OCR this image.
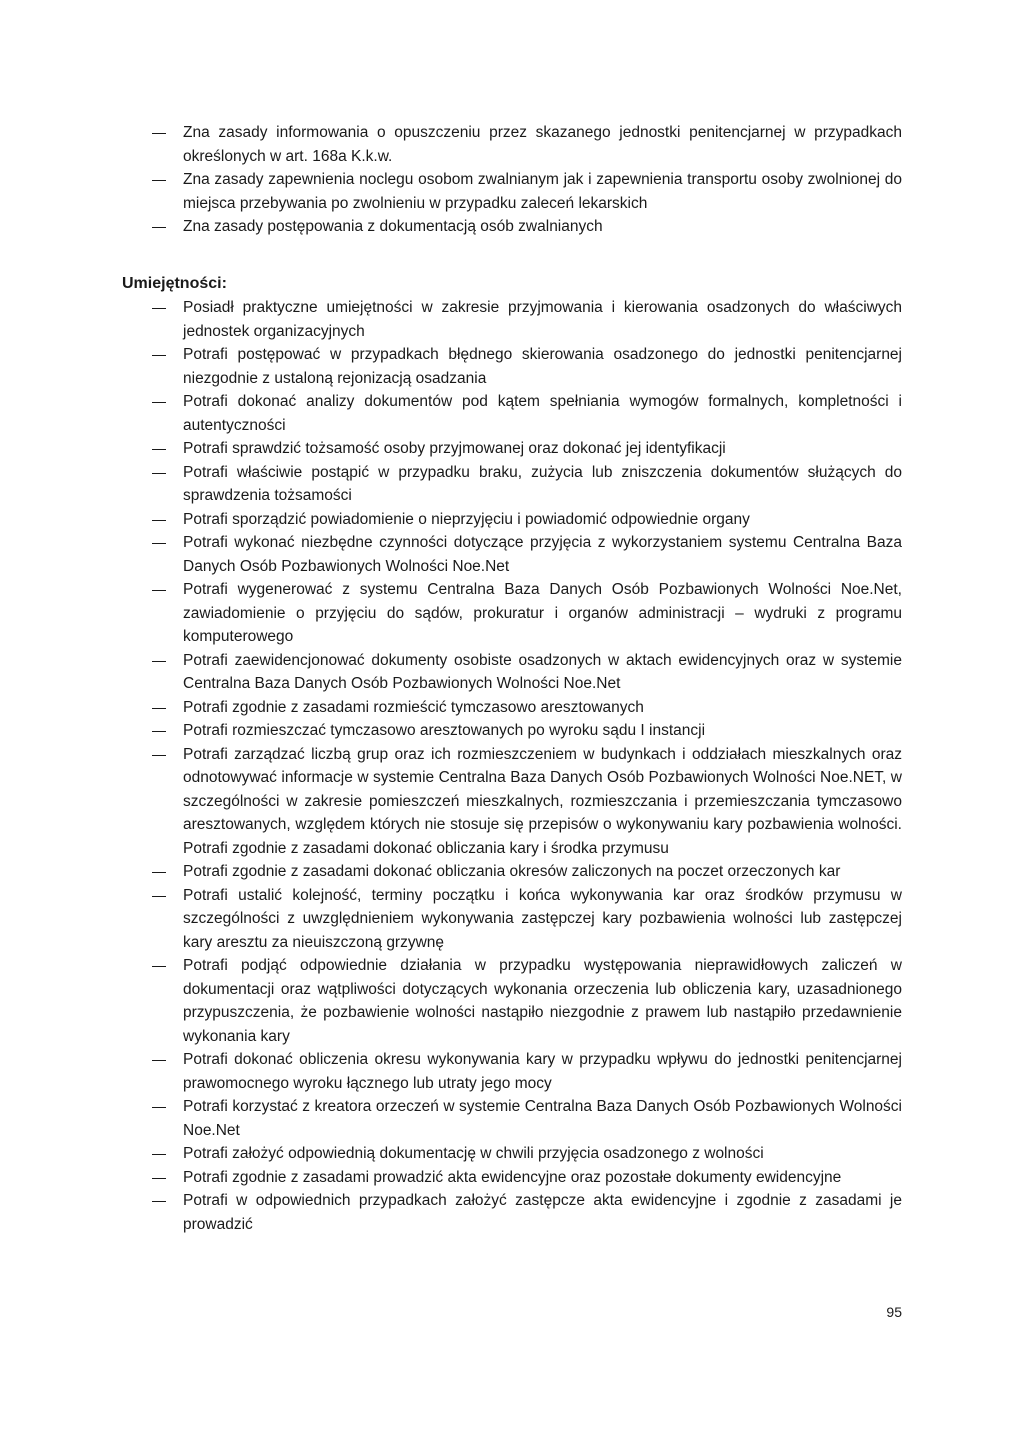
Zna zasady informowania o opuszczeniu przez skazanego jednostki penitencjarnej w przypadkach określonych w art. 168a K.k.w.
Zna zasady zapewnienia noclegu osobom zwalnianym jak i zapewnienia transportu osoby zwolnionej do miejsca przebywania po zwolnieniu w przypadku zaleceń lekarskich
Zna zasady postępowania z dokumentacją osób zwalnianych
Umiejętności:
Posiadł praktyczne umiejętności w zakresie przyjmowania i kierowania osadzonych do właściwych jednostek organizacyjnych
Potrafi postępować w przypadkach błędnego skierowania osadzonego do jednostki penitencjarnej niezgodnie z ustaloną rejonizacją osadzania
Potrafi dokonać analizy dokumentów pod kątem spełniania wymogów formalnych, kompletności i autentyczności
Potrafi sprawdzić tożsamość osoby przyjmowanej oraz dokonać jej identyfikacji
Potrafi właściwie postąpić w przypadku braku, zużycia lub zniszczenia dokumentów służących do sprawdzenia tożsamości
Potrafi sporządzić powiadomienie o nieprzyjęciu i powiadomić odpowiednie organy
Potrafi wykonać niezbędne czynności dotyczące przyjęcia z wykorzystaniem systemu Centralna Baza Danych Osób Pozbawionych Wolności Noe.Net
Potrafi wygenerować z systemu Centralna Baza Danych Osób Pozbawionych Wolności Noe.Net, zawiadomienie o przyjęciu do sądów, prokuratur i organów administracji – wydruki z programu komputerowego
Potrafi zaewidencjonować dokumenty osobiste osadzonych w aktach ewidencyjnych oraz w systemie Centralna Baza Danych Osób Pozbawionych Wolności Noe.Net
Potrafi zgodnie z zasadami rozmieścić tymczasowo aresztowanych
Potrafi rozmieszczać tymczasowo aresztowanych po wyroku sądu I instancji
Potrafi zarządzać liczbą grup oraz ich rozmieszczeniem w budynkach i oddziałach mieszkalnych oraz odnotowywać informacje w systemie Centralna Baza Danych Osób Pozbawionych Wolności Noe.NET, w szczególności w zakresie pomieszczeń mieszkalnych, rozmieszczania i przemieszczania tymczasowo aresztowanych, względem których nie stosuje się przepisów o wykonywaniu kary pozbawienia wolności. Potrafi zgodnie z zasadami dokonać obliczania kary i środka przymusu
Potrafi zgodnie z zasadami dokonać obliczania okresów zaliczonych na poczet orzeczonych kar
Potrafi ustalić kolejność, terminy początku i końca wykonywania kar oraz środków przymusu w szczególności z uwzględnieniem wykonywania zastępczej kary pozbawienia wolności lub zastępczej kary aresztu za nieuiszczoną grzywnę
Potrafi podjąć odpowiednie działania w przypadku występowania nieprawidłowych zaliczeń w dokumentacji oraz wątpliwości dotyczących wykonania orzeczenia lub obliczenia kary, uzasadnionego przypuszczenia, że pozbawienie wolności nastąpiło niezgodnie z prawem lub nastąpiło przedawnienie wykonania kary
Potrafi dokonać obliczenia okresu wykonywania kary w przypadku wpływu do jednostki penitencjarnej prawomocnego wyroku łącznego lub utraty jego mocy
Potrafi korzystać z kreatora orzeczeń w systemie Centralna Baza Danych Osób Pozbawionych Wolności Noe.Net
Potrafi założyć odpowiednią dokumentację w chwili przyjęcia osadzonego z wolności
Potrafi zgodnie z zasadami prowadzić akta ewidencyjne oraz pozostałe dokumenty ewidencyjne
Potrafi w odpowiednich przypadkach założyć zastępcze akta ewidencyjne i zgodnie z zasadami je prowadzić
95
